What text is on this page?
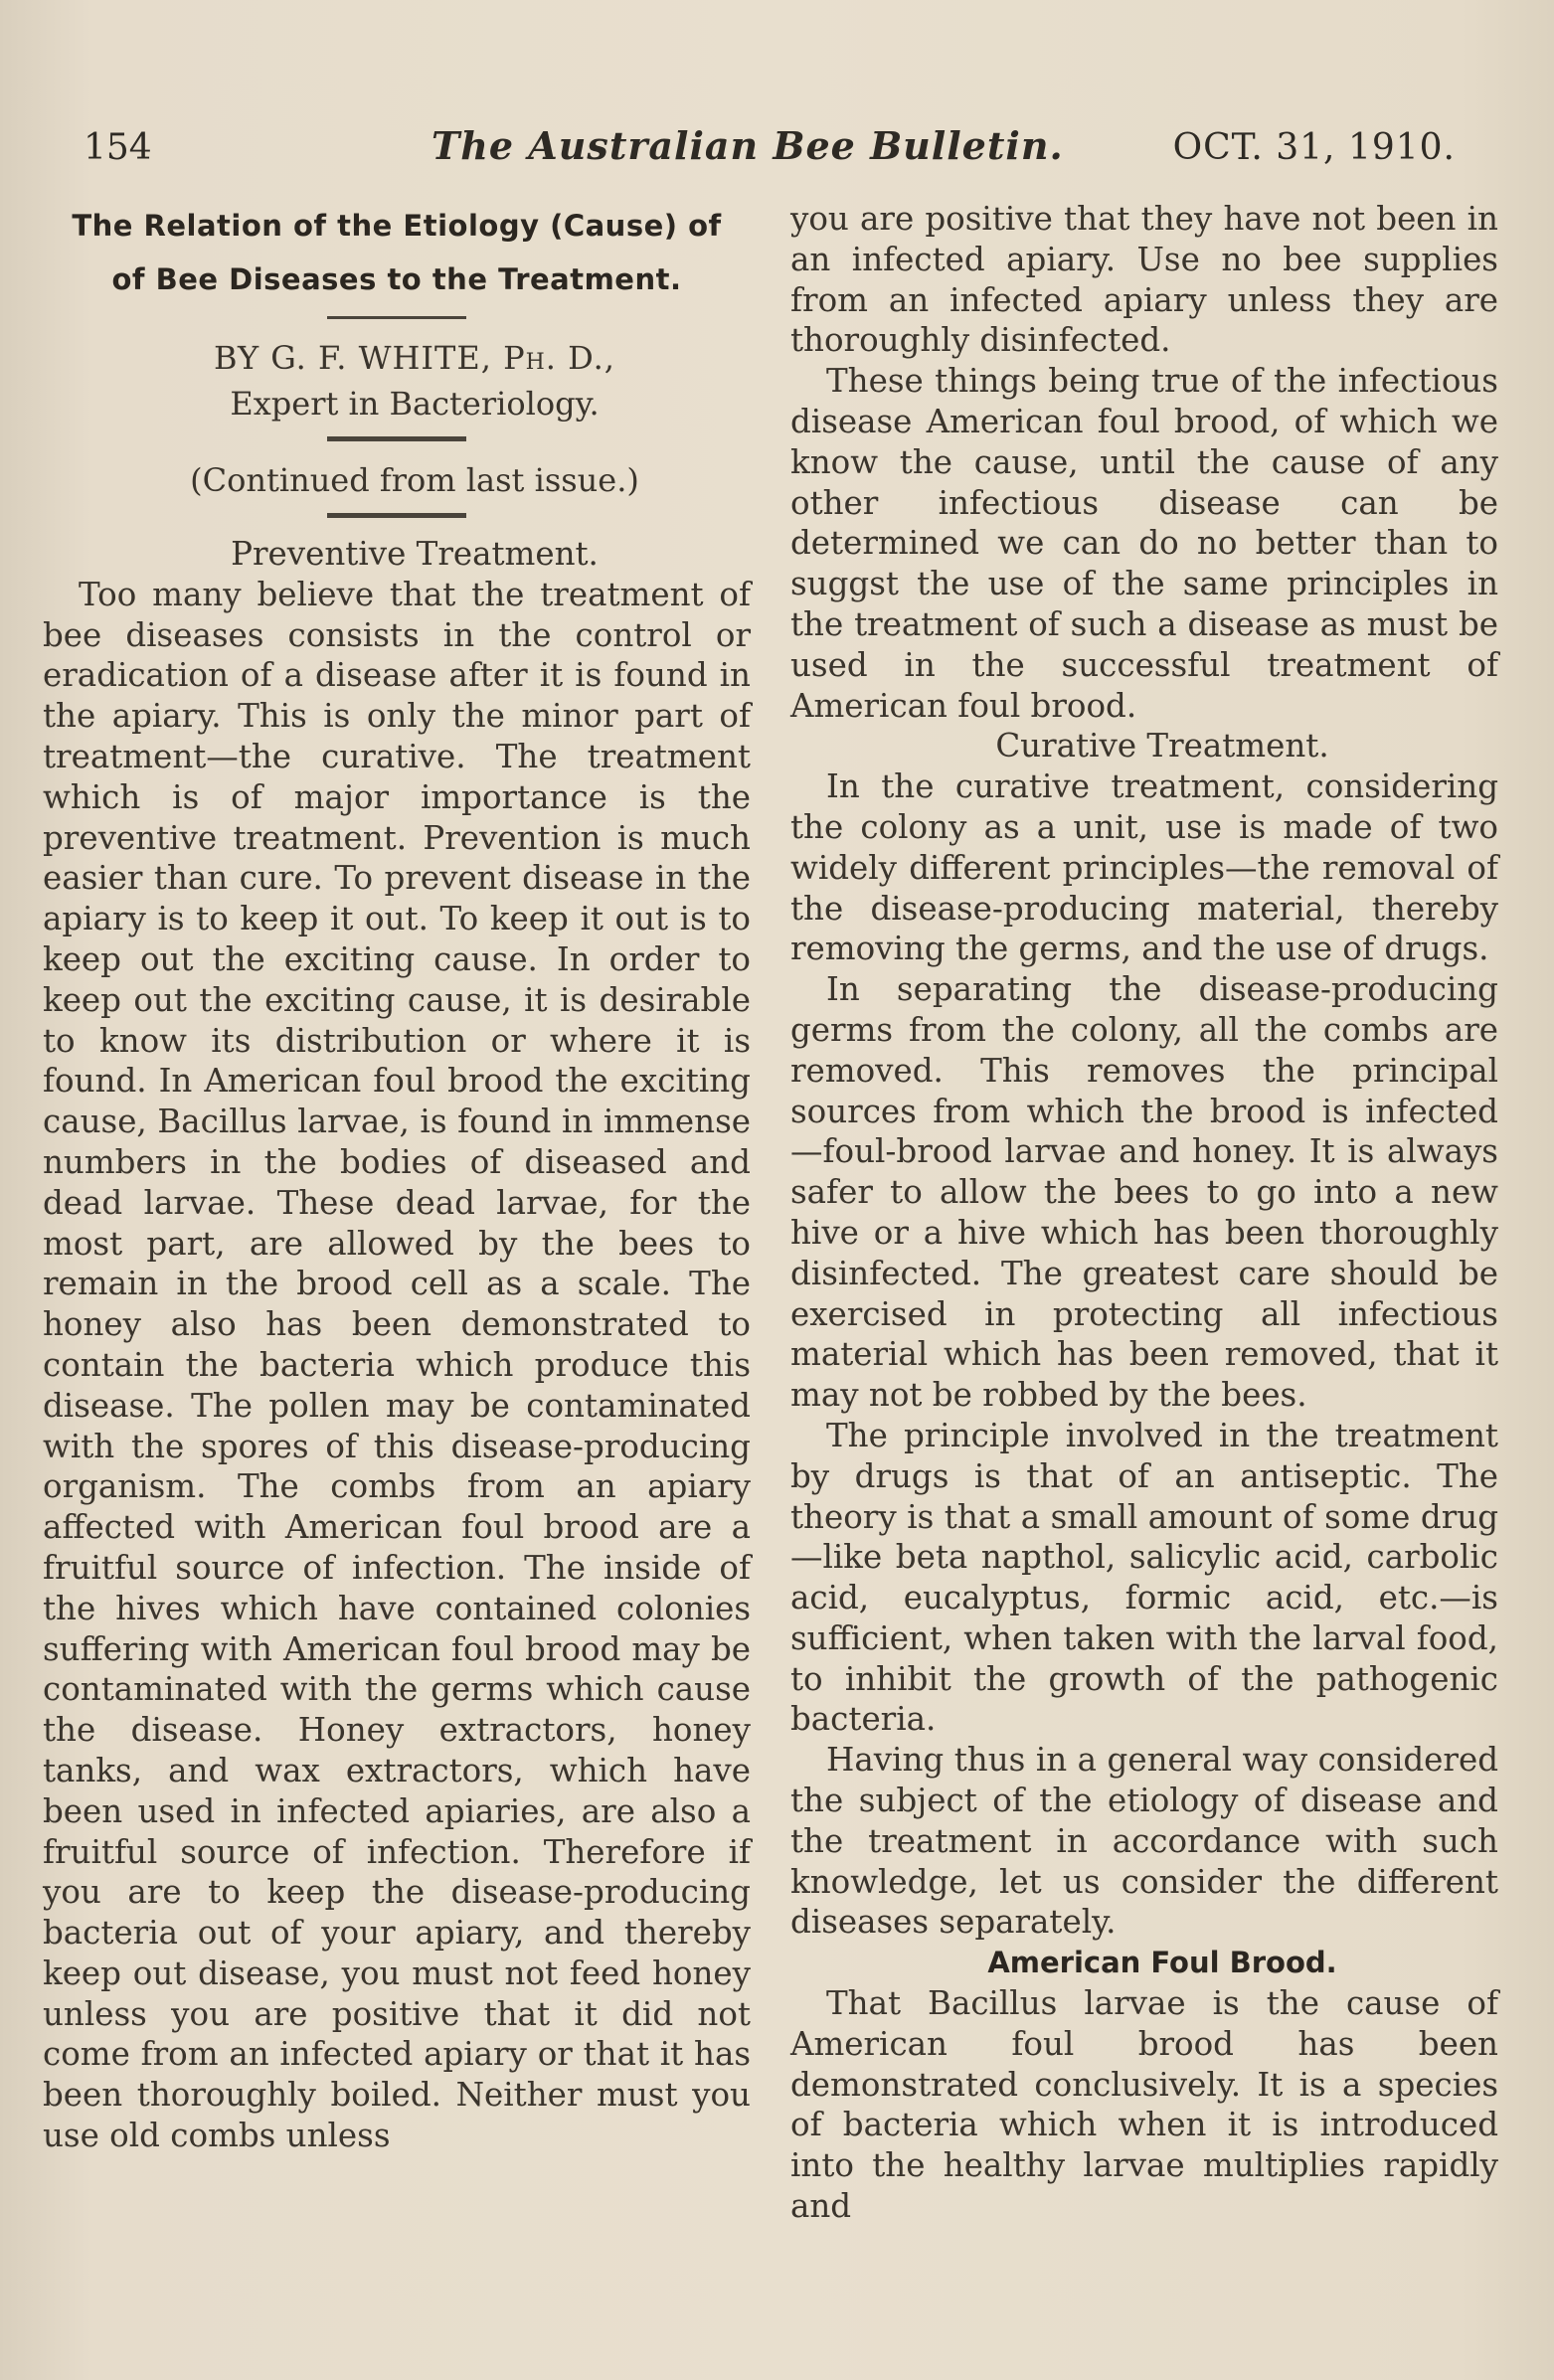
154	The Australian Bee Bulletin.	OCT. 31, 1910.
The Relation of the Etiology (Cause) of
of Bee Diseases to the Treatment.

BY G. F. WHITE, Ph. D.,

Expert in Bacteriology.

(Continued from last issue.)

Preventive Treatment.

Too many believe that the treatment of bee diseases consists in the control or eradication of a disease after it is found in the apiary. This is only the minor part of treatment—the curative. The treatment which is of major importance is the preventive treatment. Prevention is much easier than cure. To prevent disease in the apiary is to keep it out. To keep it out is to keep out the exciting cause. In order to keep out the exciting cause, it is desirable to know its distribution or where it is found. In American foul brood the exciting cause, Bacillus larvae, is found in immense numbers in the bodies of diseased and dead larvae. These dead larvae, for the most part, are allowed by the bees to remain in the brood cell as a scale. The honey also has been demonstrated to contain the bacteria which produce this disease. The pollen may be contaminated with the spores of this disease-producing organism. The combs from an apiary affected with American foul brood are a fruitful source of infection. The inside of the hives which have contained colonies suffering with American foul brood may be contaminated with the germs which cause the disease. Honey extractors, honey tanks, and wax extractors, which have been used in infected apiaries, are also a fruitful source of infection. Therefore if you are to keep the disease-producing bacteria out of your apiary, and thereby keep out disease, you must not feed honey unless you are positive that it did not come from an infected apiary or that it has been thoroughly boiled. Neither must you use old combs unless

you are positive that they have not been in an infected apiary. Use no bee supplies from an infected apiary unless they are thoroughly disinfected.

These things being true of the infectious disease American foul brood, of which we know the cause, until the cause of any other infectious disease can be determined we can do no better than to suggst the use of the same principles in the treatment of such a disease as must be used in the successful treatment of American foul brood.

Curative Treatment.

In the curative treatment, considering the colony as a unit, use is made of two widely different principles—the removal of the disease-producing material, thereby removing the germs, and the use of drugs.

In separating the disease-producing germs from the colony, all the combs are removed. This removes the principal sources from which the brood is infected —foul-brood larvae and honey. It is always safer to allow the bees to go into a new hive or a hive which has been thoroughly disinfected. The greatest care should be exercised in protecting all infectious material which has been removed, that it may not be robbed by the bees.

The principle involved in the treatment by drugs is that of an antiseptic. The theory is that a small amount of some drug—like beta napthol, salicylic acid, carbolic acid, eucalyptus, formic acid, etc.—is sufficient, when taken with the larval food, to inhibit the growth of the pathogenic bacteria.

Having thus in a general way considered the subject of the etiology of disease and the treatment in accordance with such knowledge, let us consider the different diseases separately.

American Foul Brood.

That Bacillus larvae is the cause of American foul brood has been demonstrated conclusively. It is a species of bacteria which when it is introduced into the healthy larvae multiplies rapidly and
